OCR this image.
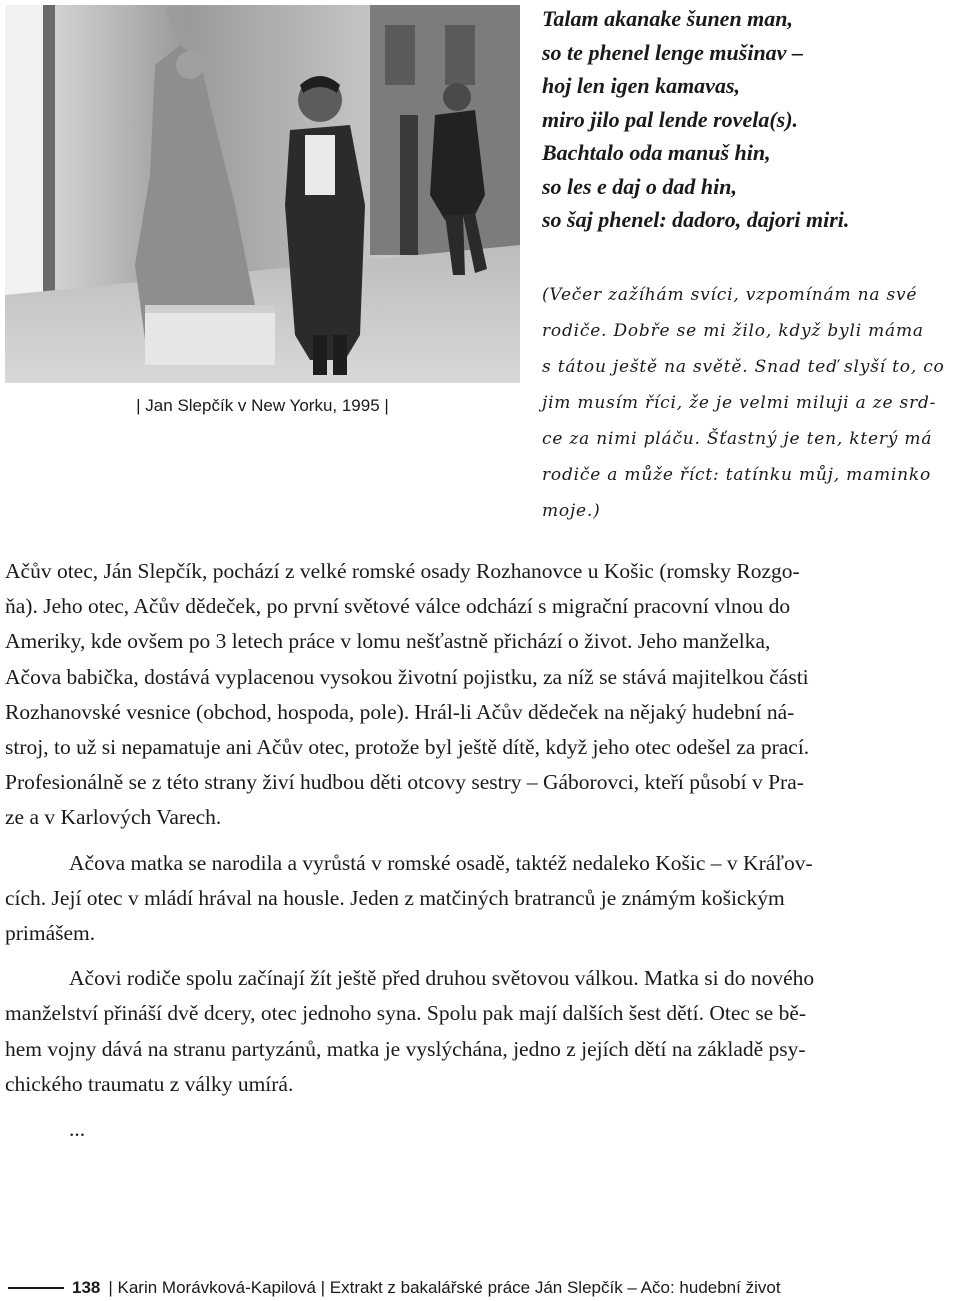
| Jan Slepčík v New Yorku, 1995 |
Talam akanake šunen man,
so te phenel lenge mušinav –
hoj len igen kamavas,
miro jilo pal lende rovela(s).
Bachtalo oda manuš hin,
so les e daj o dad hin,
so šaj phenel: dadoro, dajori miri.
(Večer zažíhám svíci, vzpomínám na své
rodiče. Dobře se mi žilo, když byli máma
s tátou ještě na světě. Snad teď slyší to, co
jim musím říci, že je velmi miluji a ze srd-
ce za nimi pláču. Šťastný je ten, který má
rodiče a může říct: tatínku můj, maminko
moje.)
Ačův otec, Ján Slepčík, pochází z velké romské osady Rozhanovce u Košic (romsky Rozgo-
ňa). Jeho otec, Ačův dědeček, po první světové válce odchází s migrační pracovní vlnou do
Ameriky, kde ovšem po 3 letech práce v lomu nešťastně přichází o život. Jeho manželka,
Ačova babička, dostává vyplacenou vysokou životní pojistku, za níž se stává majitelkou části
Rozhanovské vesnice (obchod, hospoda, pole). Hrál-li Ačův dědeček na nějaký hudební ná-
stroj, to už si nepamatuje ani Ačův otec, protože byl ještě dítě, když jeho otec odešel za prací.
Profesionálně se z této strany živí hudbou děti otcovy sestry – Gáborovci, kteří působí v Pra-
ze a v Karlových Varech.
Ačova matka se narodila a vyrůstá v romské osadě, taktéž nedaleko Košic – v Kráľov-
cích. Její otec v mládí hrával na housle. Jeden z matčiných bratranců je známým košickým
primášem.
Ačovi rodiče spolu začínají žít ještě před druhou světovou válkou. Matka si do nového
manželství přináší dvě dcery, otec jednoho syna. Spolu pak mají dalších šest dětí. Otec se bě-
hem vojny dává na stranu partyzánů, matka je vyslýchána, jedno z jejích dětí na základě psy-
chického traumatu z války umírá.
...
138 | Karin Morávková-Kapilová | Extrakt z bakalářské práce Ján Slepčík – Ačo: hudební život
